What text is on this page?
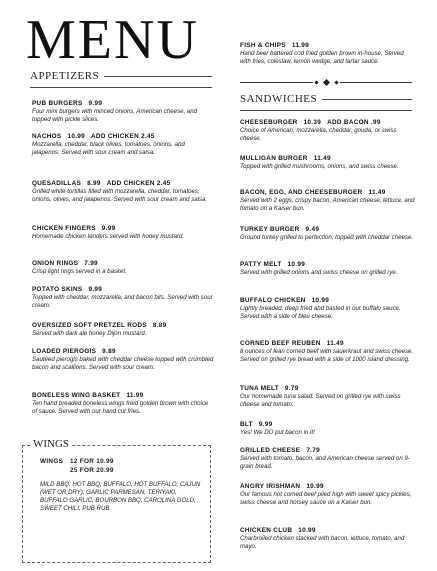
MENU
APPETIZERS
PUB BURGERS 9.99
Four mini burgers with minced onions, American cheese, and topped with pickle slices.
NACHOS 10.99 ADD CHICKEN 2.45
Mozzarella, cheddar, black olives, tomatoes, onions, and jalapenos. Served with sour cream and salsa.
QUESADILLAS 8.99 ADD CHICKEN 2.45
Grilled white tortillas filled with mozzarella, cheddar, tomatoes, onions, olives, and jalapenos. Served with sour cream and salsa.
CHICKEN FINGERS 9.99
Homemade chicken tenders served with honey mustard.
ONION RINGS 7.99
Crisp light rings served in a basket.
POTATO SKINS 9.99
Topped with cheddar, mozzarella, and bacon bits. Served with sour cream.
OVERSIZED SOFT PRETZEL RODS 8.89
Served with dark ale honey Dijon mustard.
LOADED PIEROGIS 9.89
Sautéed pierogis baked with cheddar cheese topped with crumbled bacon and scallions. Served with sour cream.
BONELESS WING BASKET 11.99
Ten hand breaded boneless wings fried golden brown with choice of sauce. Served with our hand cut fries.
WINGS
WINGS 12 FOR 10.99
25 FOR 20.99
MILD BBQ, HOT BBQ, BUFFALO, HOT BUFFALO, CAJUN (WET OR DRY), GARLIC PARMESAN, TERIYAKI, BUFFALO GARLIC, BOURBON BBQ, CAROLINA GOLD, SWEET CHILI, PUB RUB.
FISH & CHIPS 11.99
Hand beer battered cod fried golden brown in-house. Served with fries, coleslaw, lemon wedge, and tartar sauce.
SANDWICHES
CHEESEBURGER 10.39 ADD BACON .99
Choice of American, mozzarella, cheddar, gouda, or swiss cheese.
MULLIGAN BURGER 11.49
Topped with grilled mushrooms, onions, and swiss cheese.
BACON, EGG, AND CHEESEBURGER 11.49
Served with 2 eggs, crispy bacon, American cheese, lettuce, and tomato on a Kaiser bun.
TURKEY BURGER 9.49
Ground turkey grilled to perfection, topped with cheddar cheese.
PATTY MELT 10.99
Served with grilled onions and swiss cheese on grilled rye.
BUFFALO CHICKEN 10.99
Lightly breaded, deep fried and basted in our buffalo sauce. Served with a side of bleu cheese.
CORNED BEEF REUBEN 11.49
8 ounces of lean corned beef with sauerkraut and swiss cheese. Served on grilled rye bread with a side of 1000 island dressing.
TUNA MELT 9.79
Our homemade tuna salad. Served on grilled rye with swiss cheese and tomato.
BLT 9.99
Yes! We DO put bacon in it!
GRILLED CHEESE 7.79
Served with tomato, bacon, and American cheese served on 9-grain bread.
ANGRY IRISHMAN 10.99
Our famous hot corned beef piled high with sweet spicy pickles, swiss cheese and horsey sauce on a Kaiser bun.
CHICKEN CLUB 10.99
Charbroiled chicken stacked with bacon, lettuce, tomato, and mayo.
